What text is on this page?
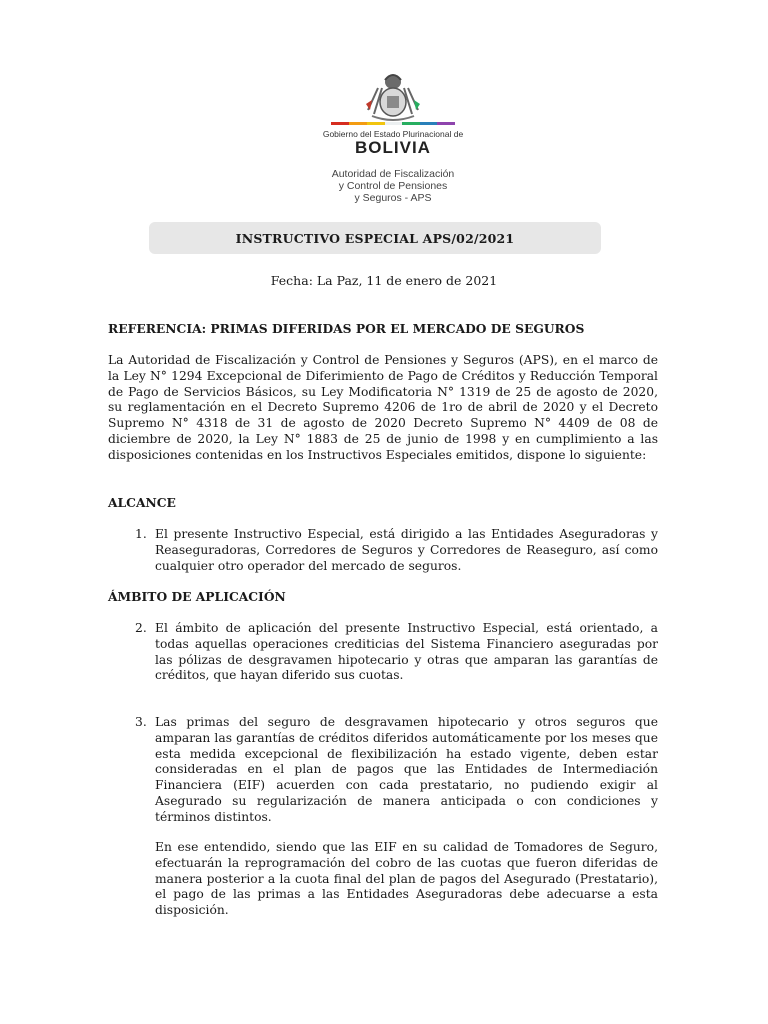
Gobierno del Estado Plurinacional de
BOLIVIA
Autoridad de Fiscalización
y Control de Pensiones
y Seguros - APS
INSTRUCTIVO ESPECIAL APS/02/2021
Fecha: La Paz, 11 de enero de 2021
REFERENCIA: PRIMAS DIFERIDAS POR EL MERCADO DE SEGUROS
La Autoridad de Fiscalización y Control de Pensiones y Seguros (APS), en el marco de la Ley N° 1294 Excepcional de Diferimiento de Pago de Créditos y Reducción Temporal de Pago de Servicios Básicos, su Ley Modificatoria N° 1319 de 25 de agosto de 2020, su reglamentación en el Decreto Supremo 4206 de 1ro de abril de 2020 y el Decreto Supremo N° 4318 de 31 de agosto de 2020 Decreto Supremo N° 4409 de 08 de diciembre de 2020, la Ley N° 1883 de 25 de junio de 1998 y en cumplimiento a las disposiciones contenidas en los Instructivos Especiales emitidos, dispone lo siguiente:
ALCANCE
1. El presente Instructivo Especial, está dirigido a las Entidades Aseguradoras y Reaseguradoras, Corredores de Seguros y Corredores de Reaseguro, así como cualquier otro operador del mercado de seguros.
ÁMBITO DE APLICACIÓN
2. El ámbito de aplicación del presente Instructivo Especial, está orientado, a todas aquellas operaciones crediticias del Sistema Financiero aseguradas por las pólizas de desgravamen hipotecario y otras que amparan las garantías de créditos, que hayan diferido sus cuotas.
3. Las primas del seguro de desgravamen hipotecario y otros seguros que amparan las garantías de créditos diferidos automáticamente por los meses que esta medida excepcional de flexibilización ha estado vigente, deben estar consideradas en el plan de pagos que las Entidades de Intermediación Financiera (EIF) acuerden con cada prestatario, no pudiendo exigir al Asegurado su regularización de manera anticipada o con condiciones y términos distintos.
En ese entendido, siendo que las EIF en su calidad de Tomadores de Seguro, efectuarán la reprogramación del cobro de las cuotas que fueron diferidas de manera posterior a la cuota final del plan de pagos del Asegurado (Prestatario), el pago de las primas a las Entidades Aseguradoras debe adecuarse a esta disposición.
